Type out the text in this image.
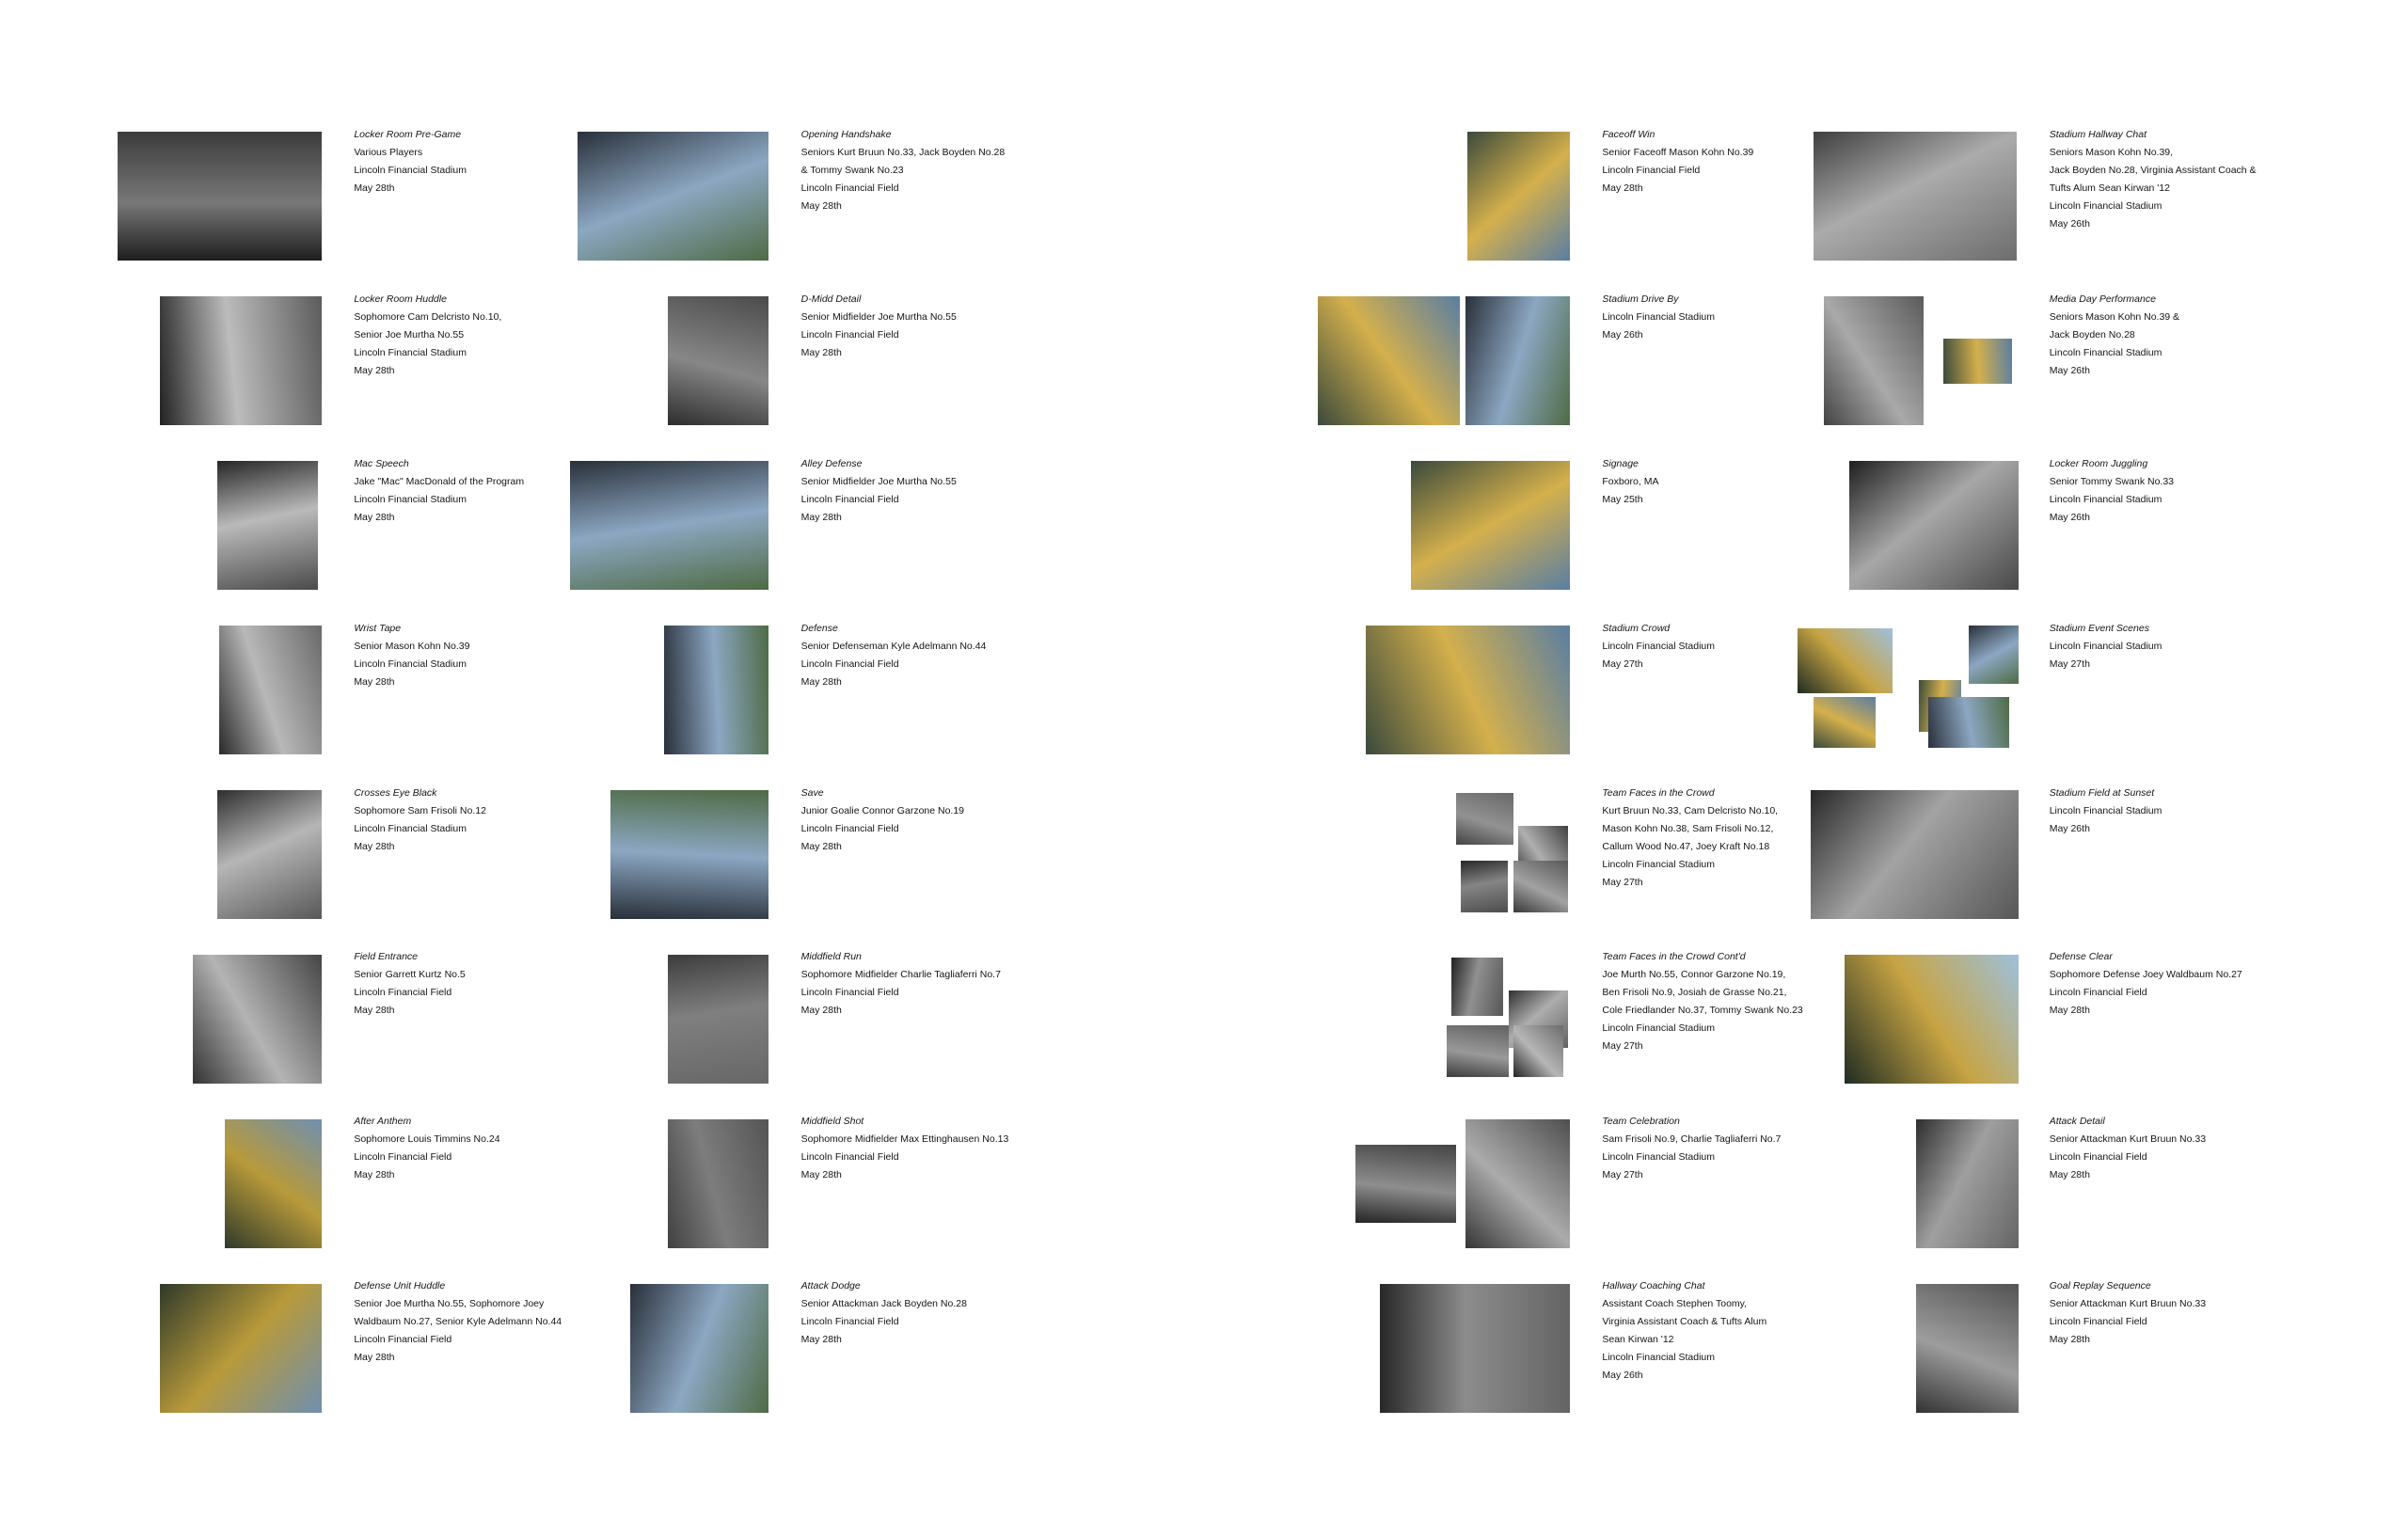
Locker Room Pre-Game
Various Players
Lincoln Financial Stadium
May 28th
Opening Handshake
Seniors Kurt Bruun No.33, Jack Boyden No.28
& Tommy Swank No.23
Lincoln Financial Field
May 28th
Faceoff Win
Senior Faceoff Mason Kohn No.39
Lincoln Financial Field
May 28th
Stadium Hallway Chat
Seniors Mason Kohn No.39,
Jack Boyden No.28, Virginia Assistant Coach &
Tufts Alum Sean Kirwan '12
Lincoln Financial Stadium
May 26th
Locker Room Huddle
Sophomore Cam Delcristo No.10,
Senior Joe Murtha No.55
Lincoln Financial Stadium
May 28th
D-Midd Detail
Senior Midfielder Joe Murtha No.55
Lincoln Financial Field
May 28th
Stadium Drive By
Lincoln Financial Stadium
May 26th
Media Day Performance
Seniors Mason Kohn No.39 &
Jack Boyden No.28
Lincoln Financial Stadium
May 26th
Mac Speech
Jake "Mac" MacDonald of the Program
Lincoln Financial Stadium
May 28th
Alley Defense
Senior Midfielder Joe Murtha No.55
Lincoln Financial Field
May 28th
Signage
Foxboro, MA
May 25th
Locker Room Juggling
Senior Tommy Swank No.33
Lincoln Financial Stadium
May 26th
Wrist Tape
Senior Mason Kohn No.39
Lincoln Financial Stadium
May 28th
Defense
Senior Defenseman Kyle Adelmann No.44
Lincoln Financial Field
May 28th
Stadium Crowd
Lincoln Financial Stadium
May 27th
Stadium Event Scenes
Lincoln Financial Stadium
May 27th
Crosses Eye Black
Sophomore Sam Frisoli No.12
Lincoln Financial Stadium
May 28th
Save
Junior Goalie Connor Garzone No.19
Lincoln Financial Field
May 28th
Team Faces in the Crowd
Kurt Bruun No.33, Cam Delcristo No.10,
Mason Kohn No.38, Sam Frisoli No.12,
Callum Wood No.47, Joey Kraft No.18
Lincoln Financial Stadium
May 27th
Stadium Field at Sunset
Lincoln Financial Stadium
May 26th
Field Entrance
Senior Garrett Kurtz No.5
Lincoln Financial Field
May 28th
Middfield Run
Sophomore Midfielder Charlie Tagliaferri No.7
Lincoln Financial Field
May 28th
Team Faces in the Crowd Cont'd
Joe Murth No.55, Connor Garzone No.19,
Ben Frisoli No.9, Josiah de Grasse No.21,
Cole Friedlander No.37, Tommy Swank No.23
Lincoln Financial Stadium
May 27th
Defense Clear
Sophomore Defense Joey Waldbaum No.27
Lincoln Financial Field
May 28th
After Anthem
Sophomore Louis Timmins No.24
Lincoln Financial Field
May 28th
Middfield Shot
Sophomore Midfielder Max Ettinghausen No.13
Lincoln Financial Field
May 28th
Team Celebration
Sam Frisoli No.9, Charlie Tagliaferri No.7
Lincoln Financial Stadium
May 27th
Attack Detail
Senior Attackman Kurt Bruun No.33
Lincoln Financial Field
May 28th
Defense Unit Huddle
Senior Joe Murtha No.55, Sophomore Joey
Waldbaum No.27, Senior Kyle Adelmann No.44
Lincoln Financial Field
May 28th
Attack Dodge
Senior Attackman Jack Boyden No.28
Lincoln Financial Field
May 28th
Hallway Coaching Chat
Assistant Coach Stephen Toomy,
Virginia Assistant Coach & Tufts Alum
Sean Kirwan '12
Lincoln Financial Stadium
May 26th
Goal Replay Sequence
Senior Attackman Kurt Bruun No.33
Lincoln Financial Field
May 28th
